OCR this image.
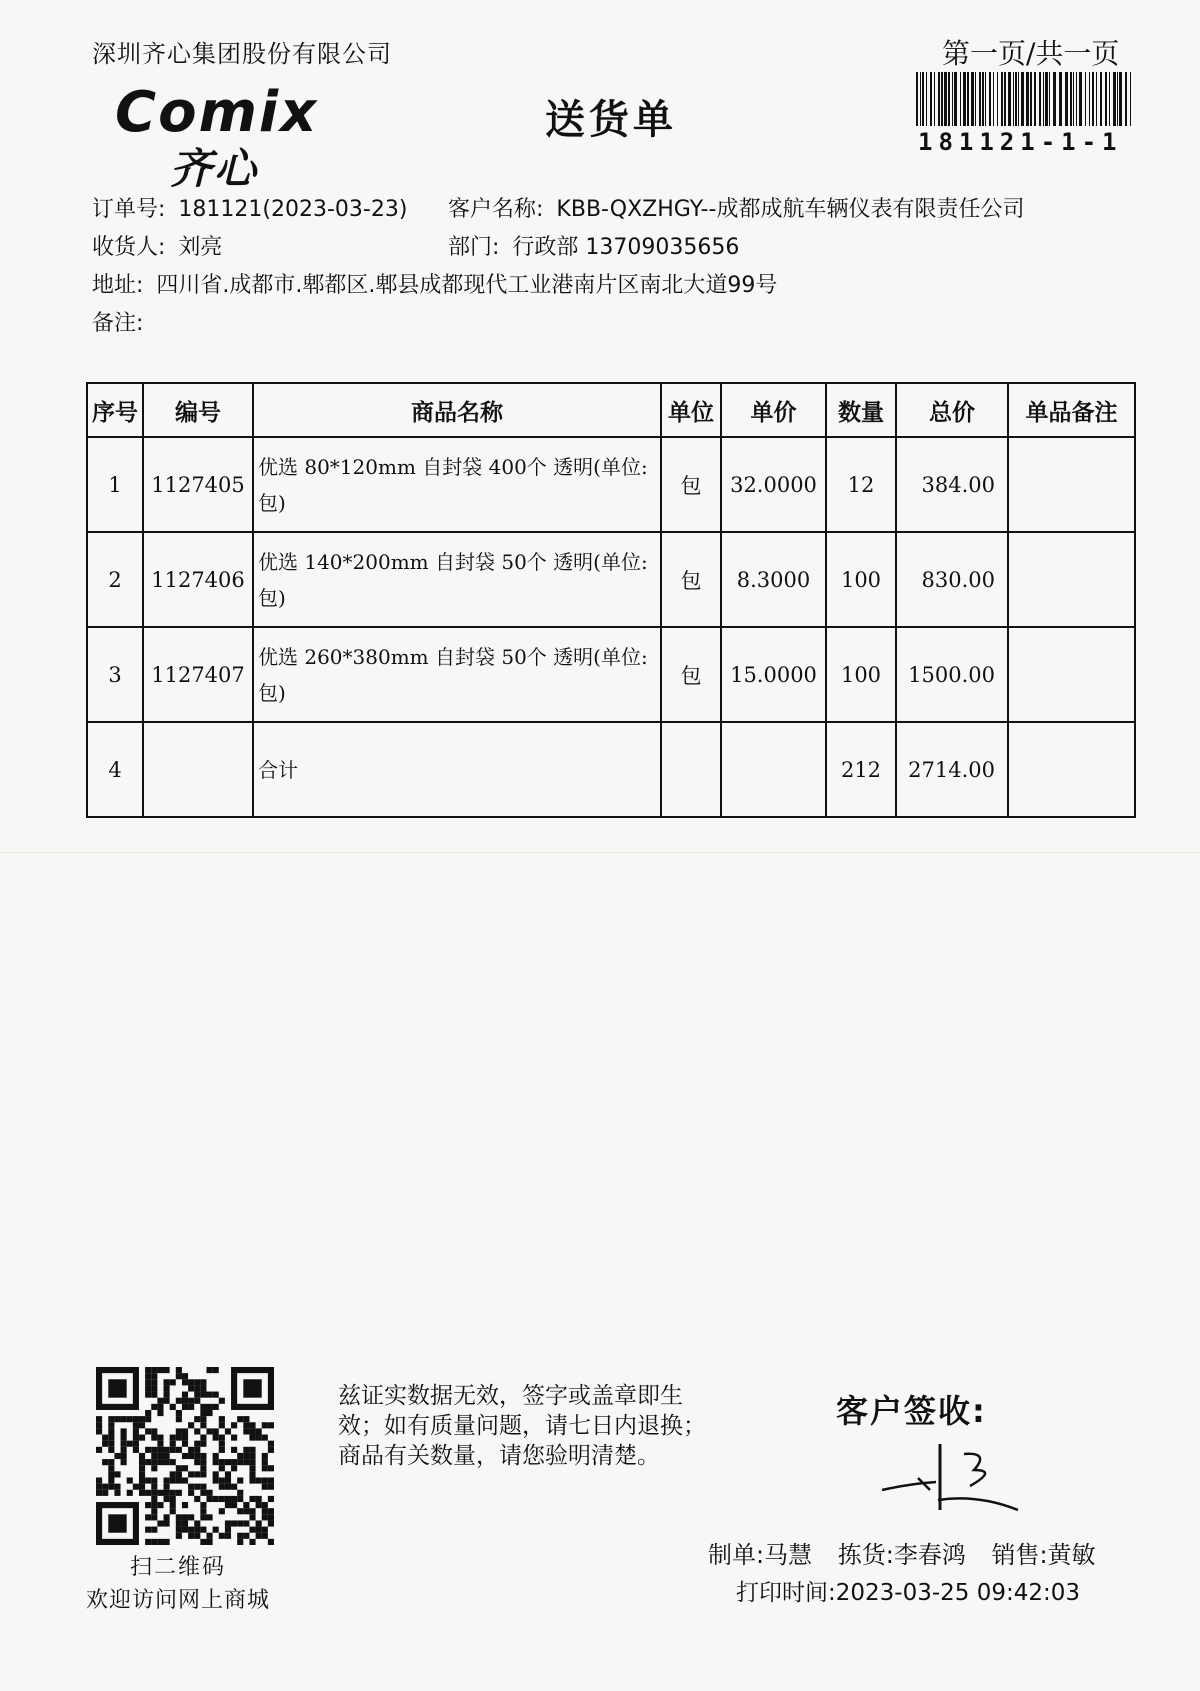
深圳齐心集团股份有限公司	第一页/共一页
Comix
齐心
送货单	181121-1-1
订单号: 181121(2023-03-23) 客户名称: KBB-QXZHGY--成都成航车辆仪表有限责任公司
收货人: 刘亮	部门: 行政部 13709035656
地址: 四川省.成都市.郫都区.郫县成都现代工业港南片区南北大道99号
备注:
序号	编号	商品名称	单位	单价	数量	总价	单品备注
1	1127405	优选 80*120mm 自封袋 400个 透明(单位:包)	包	32.0000	12	384.00	
2	1127406	优选 140*200mm 自封袋 50个 透明(单位:包)	包	8.3000	100	830.00	
3	1127407	优选 260*380mm 自封袋 50个 透明(单位:包)	包	15.0000	100	1500.00	
4		合计			212	2714.00	
扫二维码
欢迎访问网上商城
兹证实数据无效，签字或盖章即生
效；如有质量问题，请七日内退换；
商品有关数量，请您验明清楚。
客户签收:
制单:马慧 拣货:李春鸿 销售:黄敏
打印时间:2023-03-25 09:42:03
